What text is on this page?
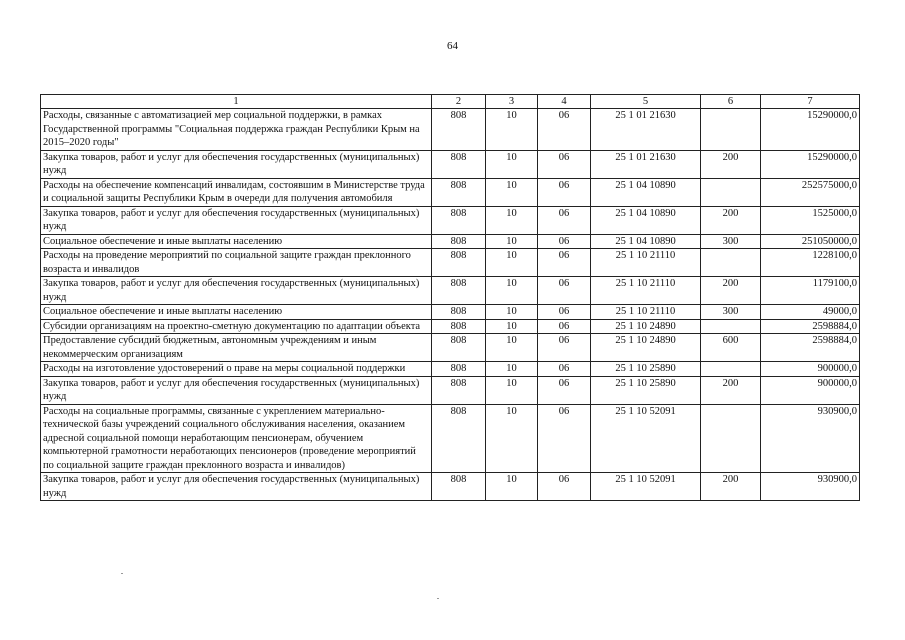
64
1	2	3	4	5	6	7
Расходы, связанные с автоматизацией мер социальной поддержки, в рамках Государственной программы "Социальная поддержка граждан Республики Крым на 2015–2020 годы"	808	10	06	25 1 01 21630		15290000,0
Закупка товаров, работ и услуг для обеспечения государственных (муниципальных) нужд	808	10	06	25 1 01 21630	200	15290000,0
Расходы на обеспечение компенсаций инвалидам, состоявшим в Министерстве труда и социальной защиты Республики Крым в очереди для получения автомобиля	808	10	06	25 1 04 10890		252575000,0
Закупка товаров, работ и услуг для обеспечения государственных (муниципальных) нужд	808	10	06	25 1 04 10890	200	1525000,0
Социальное обеспечение и иные выплаты населению	808	10	06	25 1 04 10890	300	251050000,0
Расходы на проведение мероприятий по социальной защите граждан преклонного возраста и инвалидов	808	10	06	25 1 10 21110		1228100,0
Закупка товаров, работ и услуг для обеспечения государственных (муниципальных) нужд	808	10	06	25 1 10 21110	200	1179100,0
Социальное обеспечение и иные выплаты населению	808	10	06	25 1 10 21110	300	49000,0
Субсидии организациям на проектно-сметную документацию по адаптации объекта	808	10	06	25 1 10 24890		2598884,0
Предоставление субсидий бюджетным, автономным учреждениям и иным некоммерческим организациям	808	10	06	25 1 10 24890	600	2598884,0
Расходы на изготовление удостоверений о праве на меры социальной поддержки	808	10	06	25 1 10 25890		900000,0
Закупка товаров, работ и услуг для обеспечения государственных (муниципальных) нужд	808	10	06	25 1 10 25890	200	900000,0
Расходы на социальные программы, связанные с укреплением материально-технической базы учреждений социального обслуживания населения, оказанием адресной социальной помощи неработающим пенсионерам, обучением компьютерной грамотности неработающих пенсионеров (проведение мероприятий по социальной защите граждан преклонного возраста и инвалидов)	808	10	06	25 1 10 52091		930900,0
Закупка товаров, работ и услуг для обеспечения государственных (муниципальных) нужд	808	10	06	25 1 10 52091	200	930900,0
